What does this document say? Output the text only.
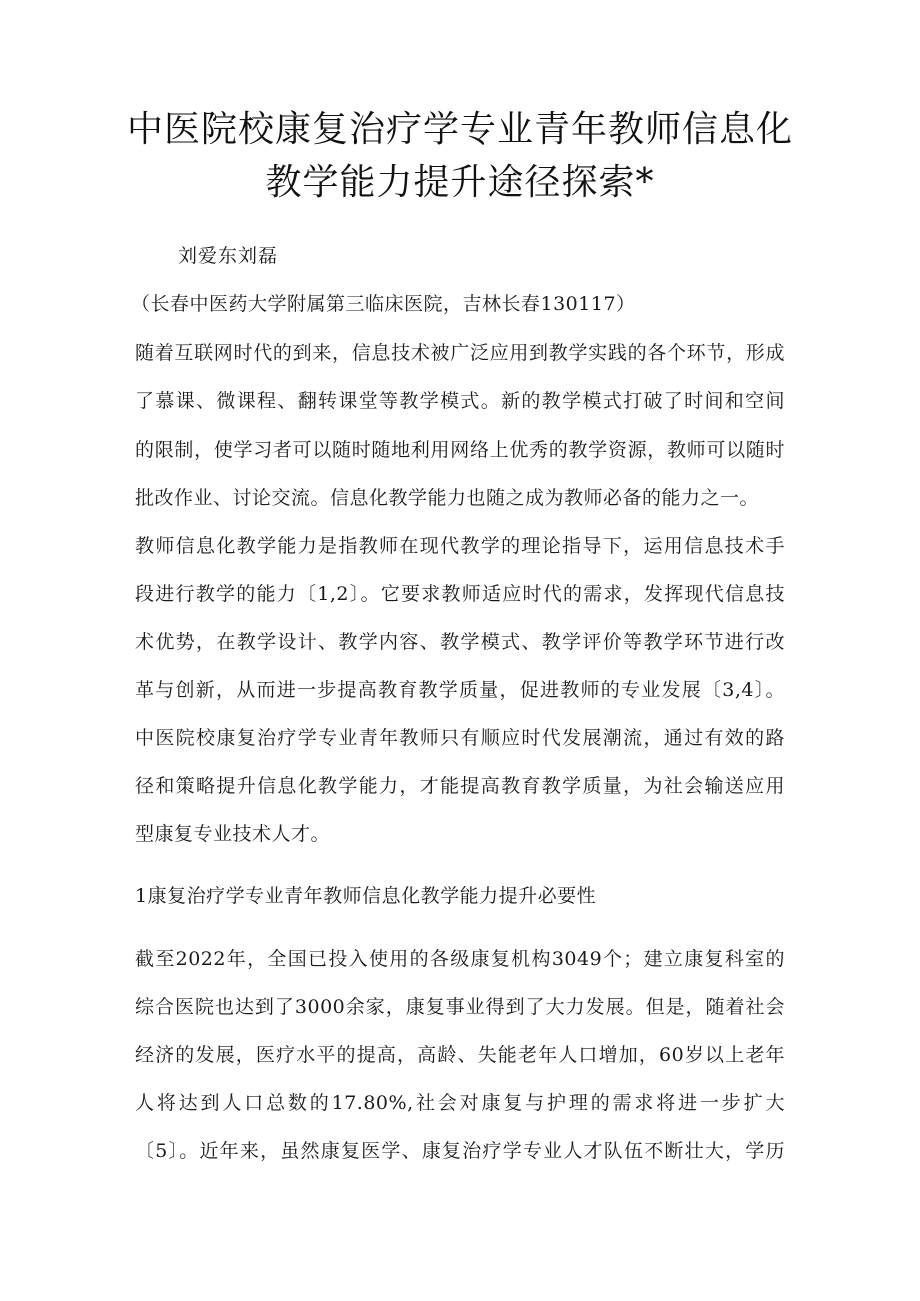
中医院校康复治疗学专业青年教师信息化
教学能力提升途径探索*
刘爱东刘磊
（长春中医药大学附属第三临床医院，吉林长春130117）
随着互联网时代的到来，信息技术被广泛应用到教学实践的各个环节，形成
了慕课、微课程、翻转课堂等教学模式。新的教学模式打破了时间和空间
的限制，使学习者可以随时随地利用网络上优秀的教学资源，教师可以随时
批改作业、讨论交流。信息化教学能力也随之成为教师必备的能力之一。
教师信息化教学能力是指教师在现代教学的理论指导下，运用信息技术手
段进行教学的能力〔1,2〕。它要求教师适应时代的需求，发挥现代信息技
术优势，在教学设计、教学内容、教学模式、教学评价等教学环节进行改
革与创新，从而进一步提高教育教学质量，促进教师的专业发展〔3,4〕。
中医院校康复治疗学专业青年教师只有顺应时代发展潮流，通过有效的路
径和策略提升信息化教学能力，才能提高教育教学质量，为社会输送应用
型康复专业技术人才。
1康复治疗学专业青年教师信息化教学能力提升必要性
截至2022年，全国已投入使用的各级康复机构3049个；建立康复科室的
综合医院也达到了3000余家，康复事业得到了大力发展。但是，随着社会
经济的发展，医疗水平的提高，高龄、失能老年人口增加，60岁以上老年
人将达到人口总数的17.80%,社会对康复与护理的需求将进一步扩大
〔5〕。近年来，虽然康复医学、康复治疗学专业人才队伍不断壮大，学历
